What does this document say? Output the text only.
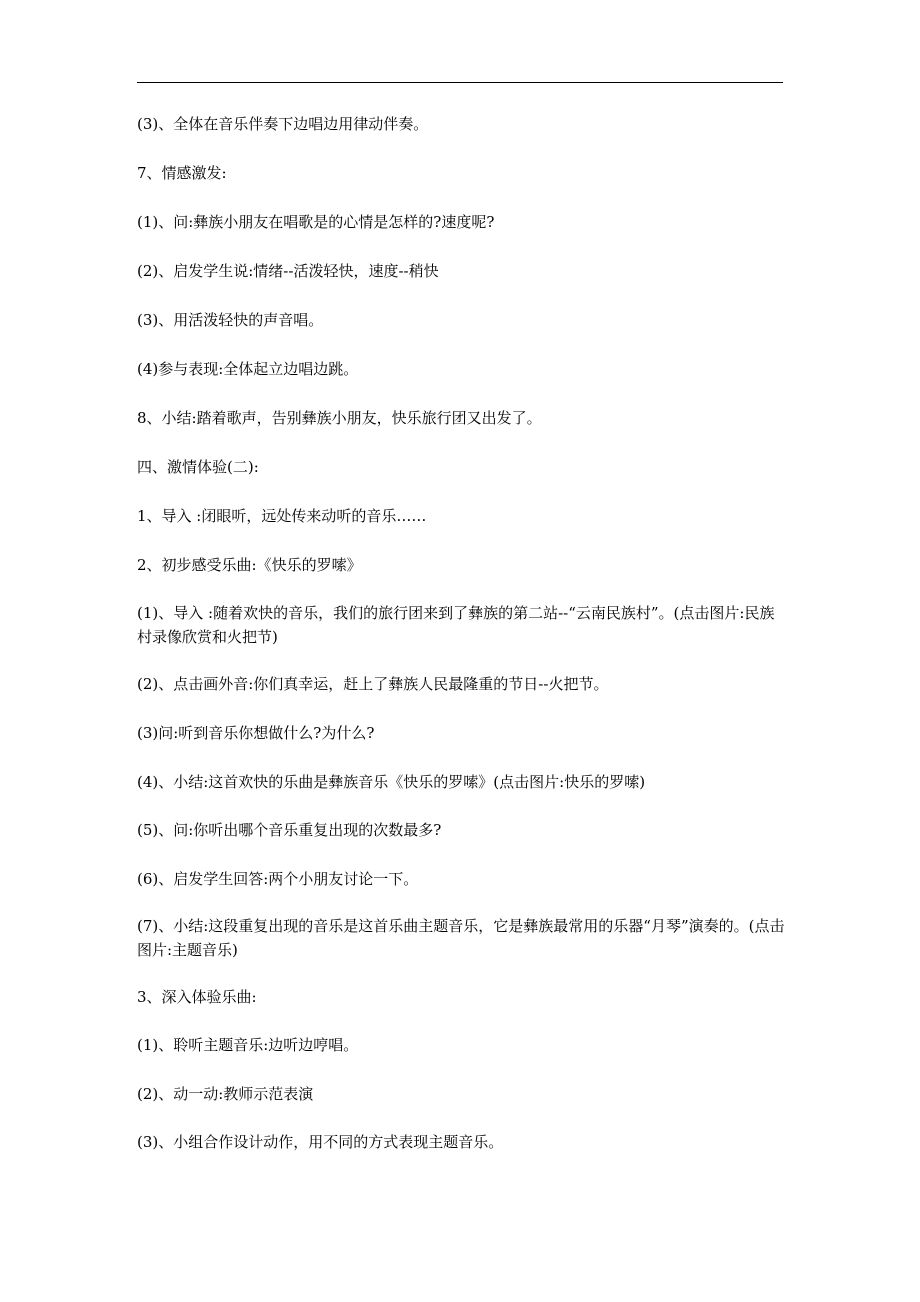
(3)、全体在音乐伴奏下边唱边用律动伴奏。

7、情感激发:

(1)、问:彝族小朋友在唱歌是的心情是怎样的?速度呢?

(2)、启发学生说:情绪--活泼轻快，速度--稍快

(3)、用活泼轻快的声音唱。

(4)参与表现:全体起立边唱边跳。

8、小结:踏着歌声，告别彝族小朋友，快乐旅行团又出发了。

四、激情体验(二):

1、导入 :闭眼听，远处传来动听的音乐……

2、初步感受乐曲:《快乐的罗嗦》

(1)、导入 :随着欢快的音乐，我们的旅行团来到了彝族的第二站--“云南民族村”。(点击图片:民族村录像欣赏和火把节)

(2)、点击画外音:你们真幸运，赶上了彝族人民最隆重的节日--火把节。

(3)问:听到音乐你想做什么?为什么?

(4)、小结:这首欢快的乐曲是彝族音乐《快乐的罗嗦》(点击图片:快乐的罗嗦)

(5)、问:你听出哪个音乐重复出现的次数最多?

(6)、启发学生回答:两个小朋友讨论一下。

(7)、小结:这段重复出现的音乐是这首乐曲主题音乐，它是彝族最常用的乐器“月琴”演奏的。(点击图片:主题音乐)

3、深入体验乐曲:

(1)、聆听主题音乐:边听边哼唱。

(2)、动一动:教师示范表演

(3)、小组合作设计动作，用不同的方式表现主题音乐。
